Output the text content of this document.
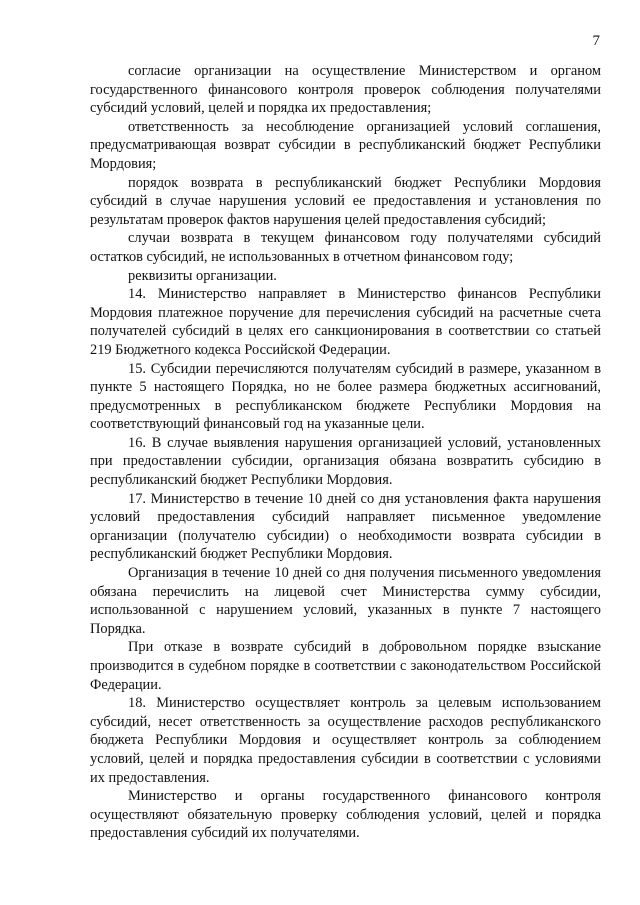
7

согласие организации на осуществление Министерством и органом государственного финансового контроля проверок соблюдения получателями субсидий условий, целей и порядка их предоставления;

ответственность за несоблюдение организацией условий соглашения, предусматривающая возврат субсидии в республиканский бюджет Республики Мордовия;

порядок возврата в республиканский бюджет Республики Мордовия субсидий в случае нарушения условий ее предоставления и установления по результатам проверок фактов нарушения целей предоставления субсидий;

случаи возврата в текущем финансовом году получателями субсидий остатков субсидий, не использованных в отчетном финансовом году;

реквизиты организации.

14. Министерство направляет в Министерство финансов Республики Мордовия платежное поручение для перечисления субсидий на расчетные счета получателей субсидий в целях его санкционирования в соответствии со статьей 219 Бюджетного кодекса Российской Федерации.

15. Субсидии перечисляются получателям субсидий в размере, указанном в пункте 5 настоящего Порядка, но не более размера бюджетных ассигнований, предусмотренных в республиканском бюджете Республики Мордовия на соответствующий финансовый год на указанные цели.

16. В случае выявления нарушения организацией условий, установленных при предоставлении субсидии, организация обязана возвратить субсидию в республиканский бюджет Республики Мордовия.

17. Министерство в течение 10 дней со дня установления факта нарушения условий предоставления субсидий направляет письменное уведомление организации (получателю субсидии) о необходимости возврата субсидии в республиканский бюджет Республики Мордовия.

Организация в течение 10 дней со дня получения письменного уведомления обязана перечислить на лицевой счет Министерства сумму субсидии, использованной с нарушением условий, указанных в пункте 7 настоящего Порядка.

При отказе в возврате субсидий в добровольном порядке взыскание производится в судебном порядке в соответствии с законодательством Российской Федерации.

18. Министерство осуществляет контроль за целевым использованием субсидий, несет ответственность за осуществление расходов республиканского бюджета Республики Мордовия и осуществляет контроль за соблюдением условий, целей и порядка предоставления субсидии в соответствии с условиями их предоставления.

Министерство и органы государственного финансового контроля осуществляют обязательную проверку соблюдения условий, целей и порядка предоставления субсидий их получателями.
